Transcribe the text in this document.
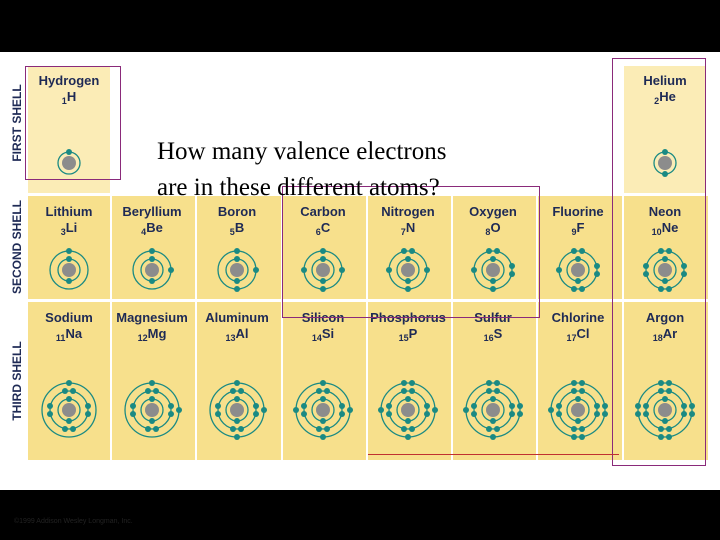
FIRST SHELL
SECOND SHELL
THIRD SHELL
Hydrogen
$_1$H
Helium
$_2$He
Lithium
$_3$Li
Beryllium
$_4$Be
Boron
$_5$B
Carbon
$_6$C
Nitrogen
$_7$N
Oxygen
$_8$O
Fluorine
$_9$F
Neon
$_{10}$Ne
Sodium
$_{11}$Na
Magnesium
$_{12}$Mg
Aluminum
$_{13}$Al
Silicon
$_{14}$Si
Phosphorus
$_{15}$P
Sulfur
$_{16}$S
Chlorine
$_{17}$Cl
Argon
$_{18}$Ar
How many valence electrons
are in these different atoms?
©1999 Addison Wesley Longman, Inc.
